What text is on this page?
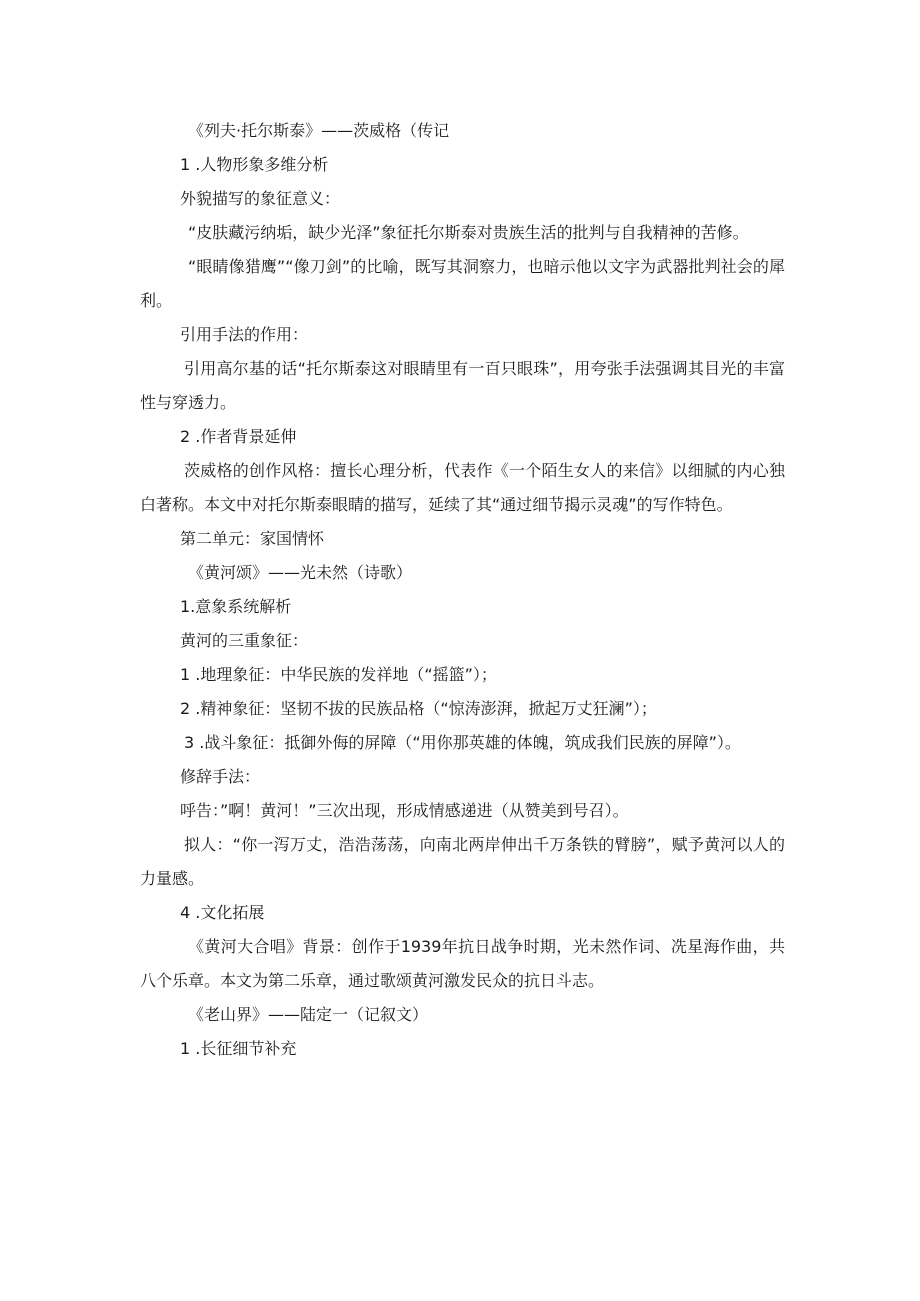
《列夫·托尔斯泰》——茨威格（传记

1 .人物形象多维分析

外貌描写的象征意义：

“皮肤藏污纳垢，缺少光泽”象征托尔斯泰对贵族生活的批判与自我精神的苦修。

“眼睛像猎鹰”“像刀剑”的比喻，既写其洞察力，也暗示他以文字为武器批判社会的犀利。

引用手法的作用：

引用高尔基的话“托尔斯泰这对眼睛里有一百只眼珠”，用夸张手法强调其目光的丰富性与穿透力。

2 .作者背景延伸

茨威格的创作风格：擅长心理分析，代表作《一个陌生女人的来信》以细腻的内心独白著称。本文中对托尔斯泰眼睛的描写，延续了其“通过细节揭示灵魂”的写作特色。

第二单元：家国情怀

《黄河颂》——光未然（诗歌）

1.意象系统解析

黄河的三重象征：

1 .地理象征：中华民族的发祥地（“摇篮”）；

2 .精神象征：坚韧不拔的民族品格（“惊涛澎湃，掀起万丈狂澜”）；

3 .战斗象征：抵御外侮的屏障（“用你那英雄的体魄，筑成我们民族的屏障”）。

修辞手法：

呼告：”啊！黄河！”三次出现，形成情感递进（从赞美到号召）。

拟人：“你一泻万丈，浩浩荡荡，向南北两岸伸出千万条铁的臂膀”，赋予黄河以人的力量感。

4 .文化拓展

《黄河大合唱》背景：创作于1939年抗日战争时期，光未然作词、冼星海作曲，共八个乐章。本文为第二乐章，通过歌颂黄河激发民众的抗日斗志。

《老山界》——陆定一（记叙文）

1 .长征细节补充
